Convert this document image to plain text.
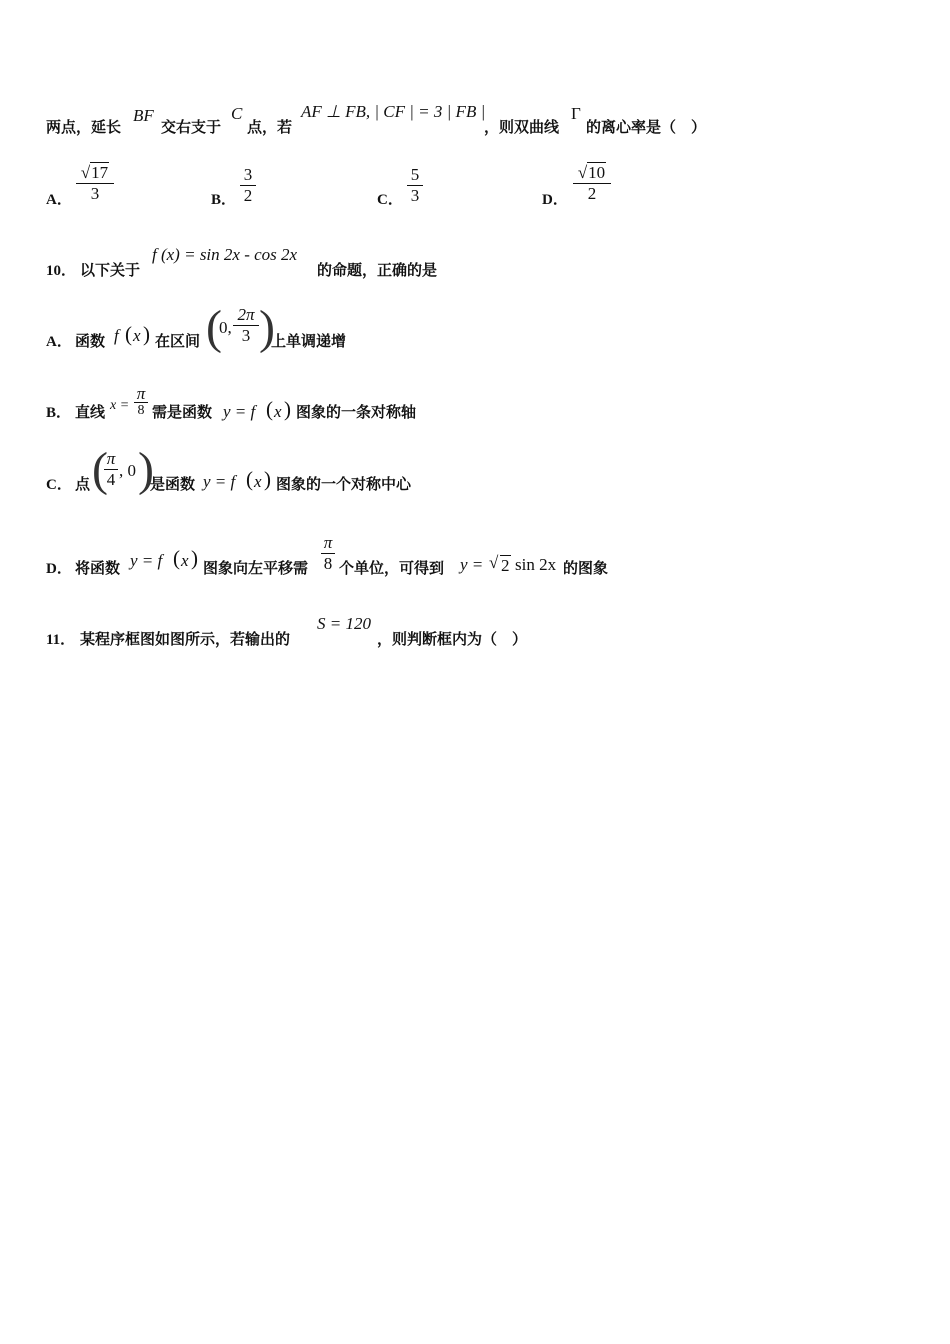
两点，延长
BF
交右支于
C
点，若
AF ⊥ FB, | CF | = 3 | FB |
，则双曲线
Γ
的离心率是（　）
A．
√17
3	B．
3
2	C．
5
3	D．
√10
2
10． 以下关于
f (x) = sin 2x - cos 2x
的命题，正确的是
A． 函数 f ( x ) 在区间 (
0,
2π
3 )
上单调递增
B． 直线 x =
π
8 需是函数 y = f ( x ) 图象的一条对称轴
C． 点 (
π
4 , 0 )
是函数 y = f ( x ) 图象的一个对称中心
D． 将函数 y = f ( x ) 图象向左平移需
π
8 个单位，可得到 y = √ 2 sin 2x 的图象
11． 某程序框图如图所示，若输出的
S = 120
，则判断框内为（　）
